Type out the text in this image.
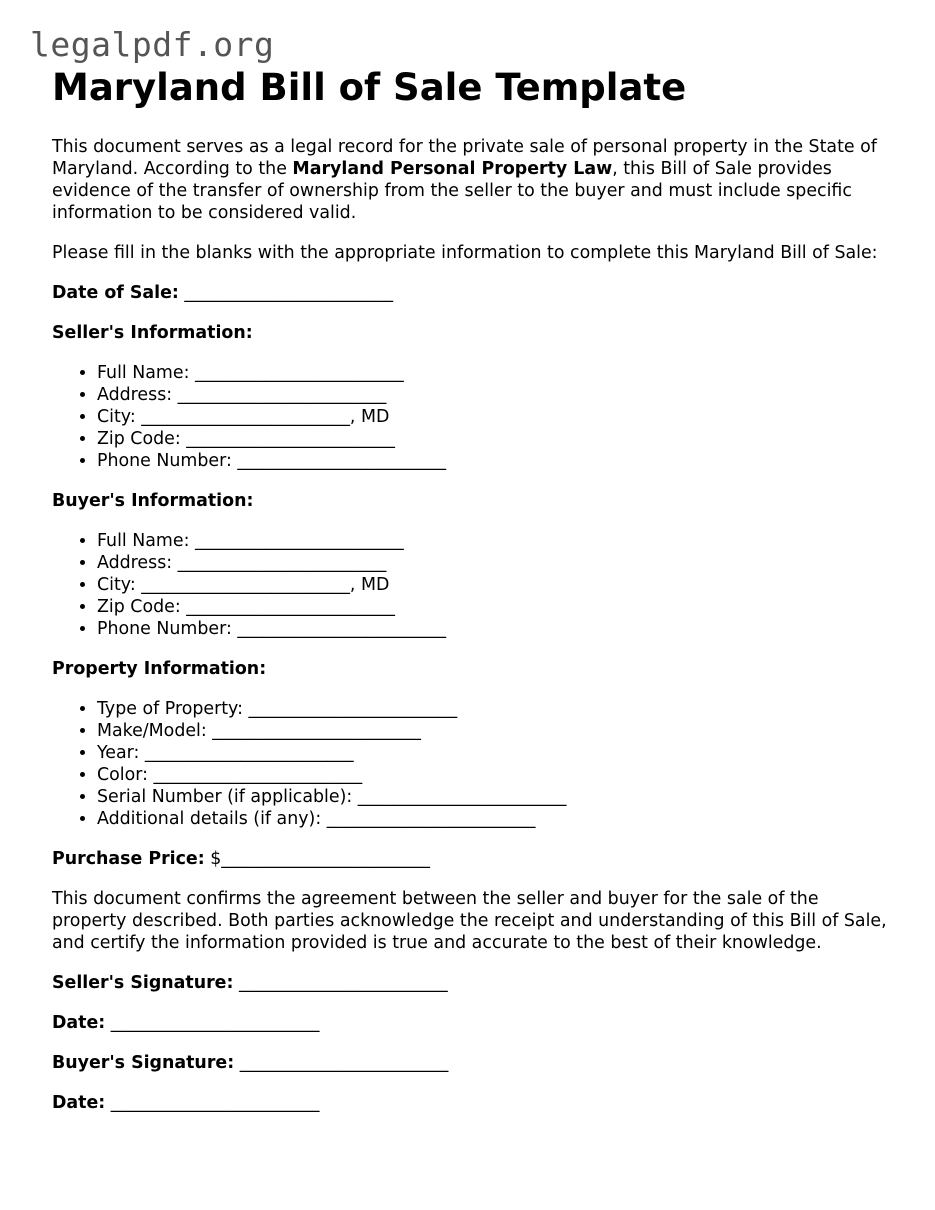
legalpdf.org
Maryland Bill of Sale Template

This document serves as a legal record for the private sale of personal property in the State of Maryland. According to the Maryland Personal Property Law, this Bill of Sale provides evidence of the transfer of ownership from the seller to the buyer and must include specific information to be considered valid.

Please fill in the blanks with the appropriate information to complete this Maryland Bill of Sale:

Date of Sale: ________________________
Seller's Information:
• Full Name: ________________________
• Address: ________________________
• City: ________________________, MD
• Zip Code: ________________________
• Phone Number: ________________________
Buyer's Information:
• Full Name: ________________________
• Address: ________________________
• City: ________________________, MD
• Zip Code: ________________________
• Phone Number: ________________________
Property Information:
• Type of Property: ________________________
• Make/Model: ________________________
• Year: ________________________
• Color: ________________________
• Serial Number (if applicable): ________________________
• Additional details (if any): ________________________
Purchase Price: $________________________

This document confirms the agreement between the seller and buyer for the sale of the property described. Both parties acknowledge the receipt and understanding of this Bill of Sale, and certify the information provided is true and accurate to the best of their knowledge.

Seller's Signature: ________________________
Date: ________________________
Buyer's Signature: ________________________
Date: ________________________
